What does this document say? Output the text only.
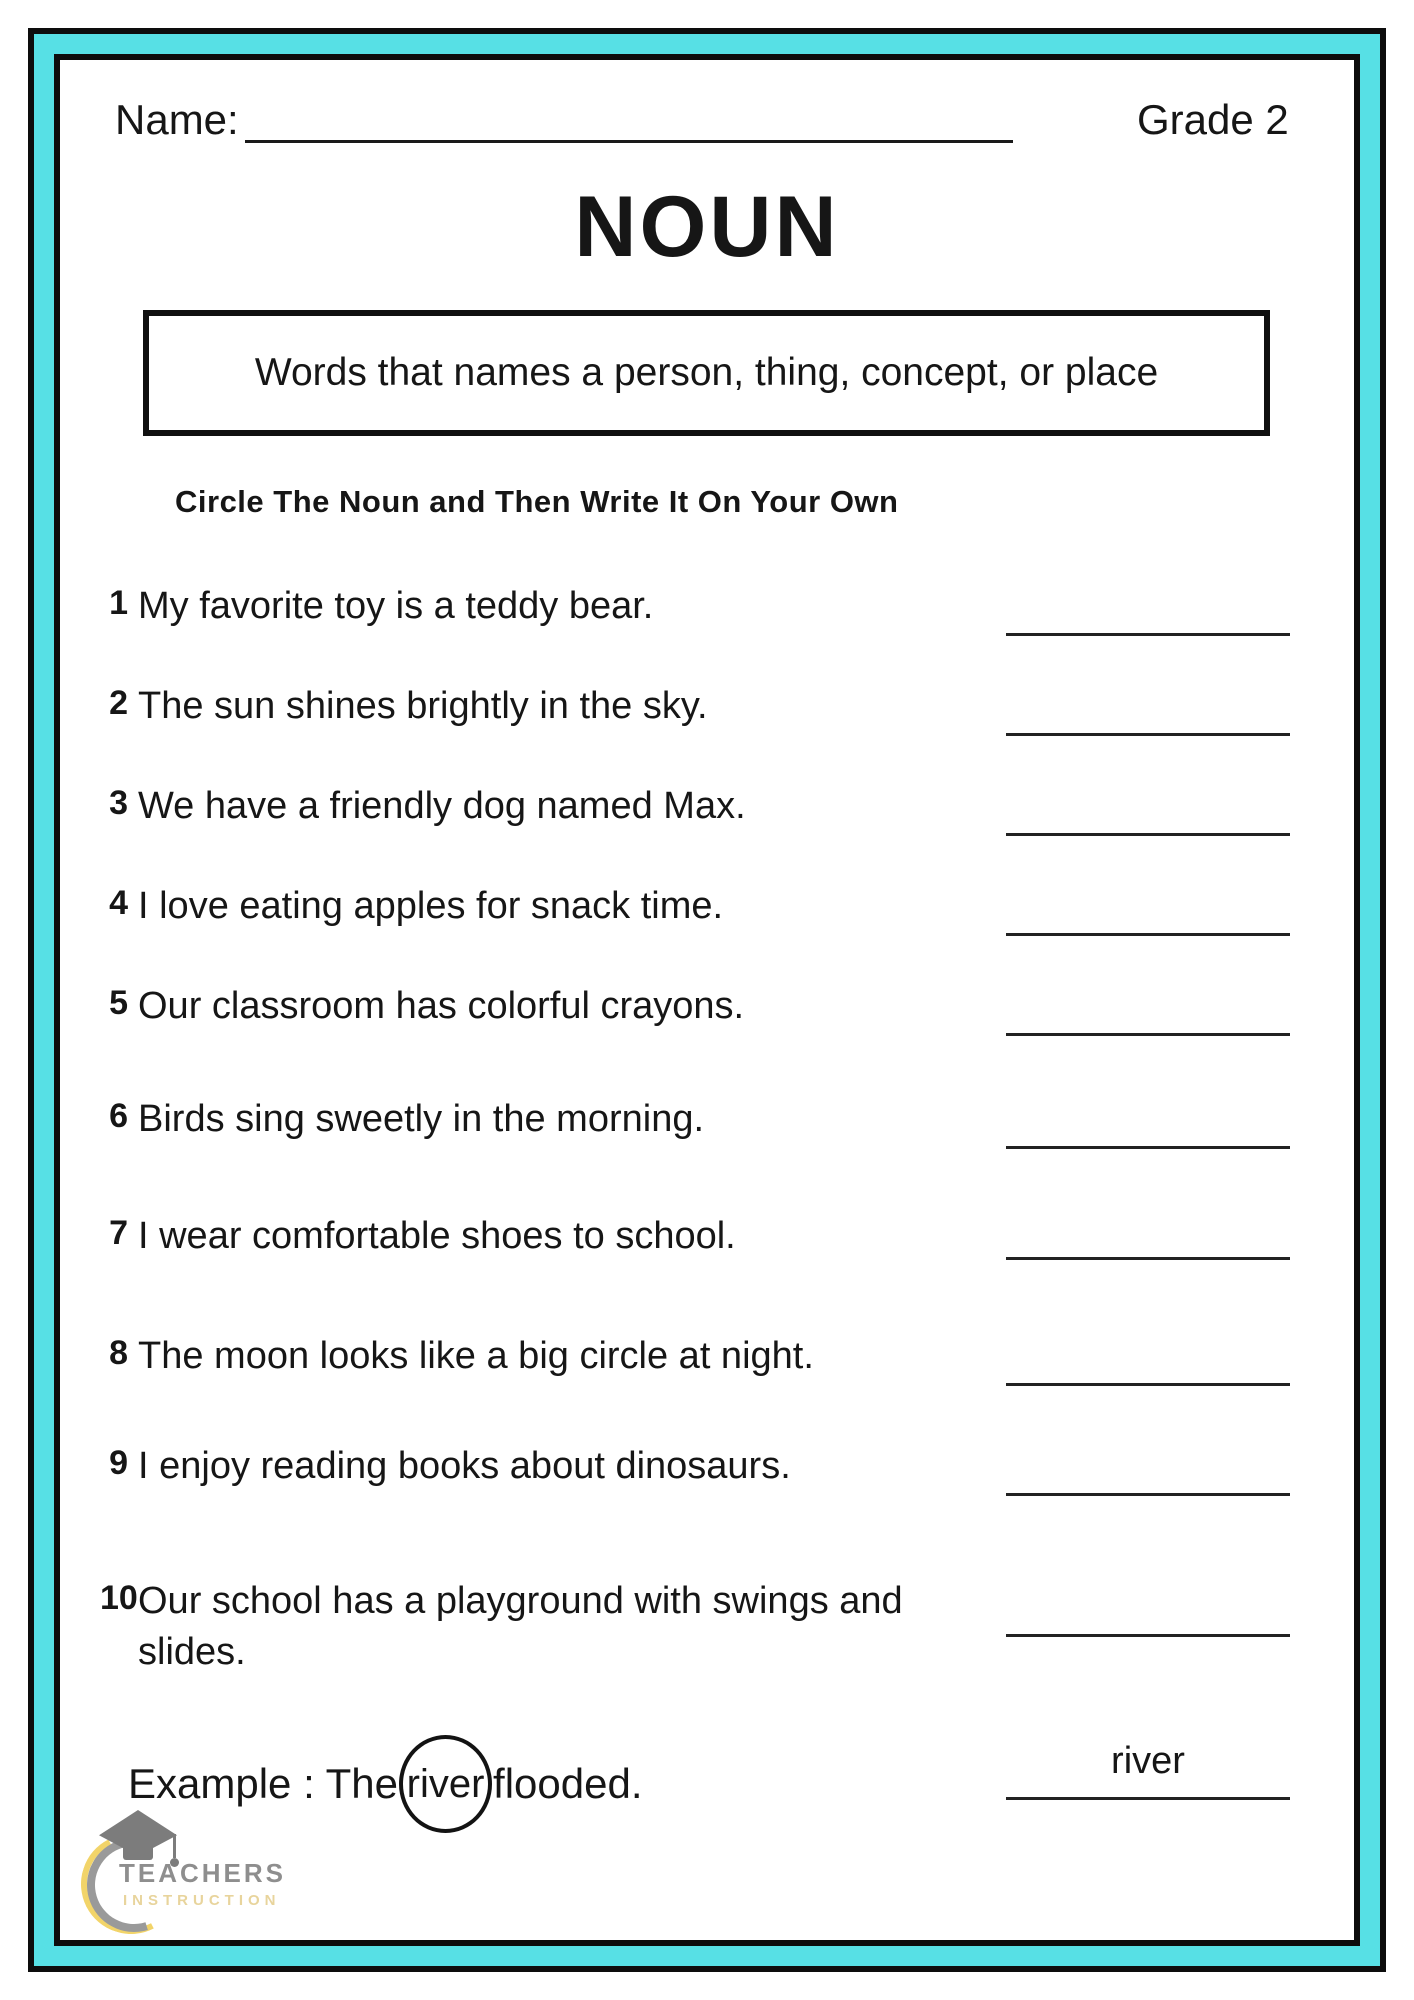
Name:	Grade 2
NOUN
Words that names a person, thing, concept, or place
Circle The Noun and Then Write It On Your Own
1 My favorite toy is a teddy bear.
2 The sun shines brightly in the sky.
3 We have a friendly dog named Max.
4 I love eating apples for snack time.
5 Our classroom has colorful crayons.
6 Birds sing sweetly in the morning.
7 I wear comfortable shoes to school.
8 The moon looks like a big circle at night.
9 I enjoy reading books about dinosaurs.
10 Our school has a playground with swings and slides.
Example : The river flooded.	river
TEACHERS
INSTRUCTION
